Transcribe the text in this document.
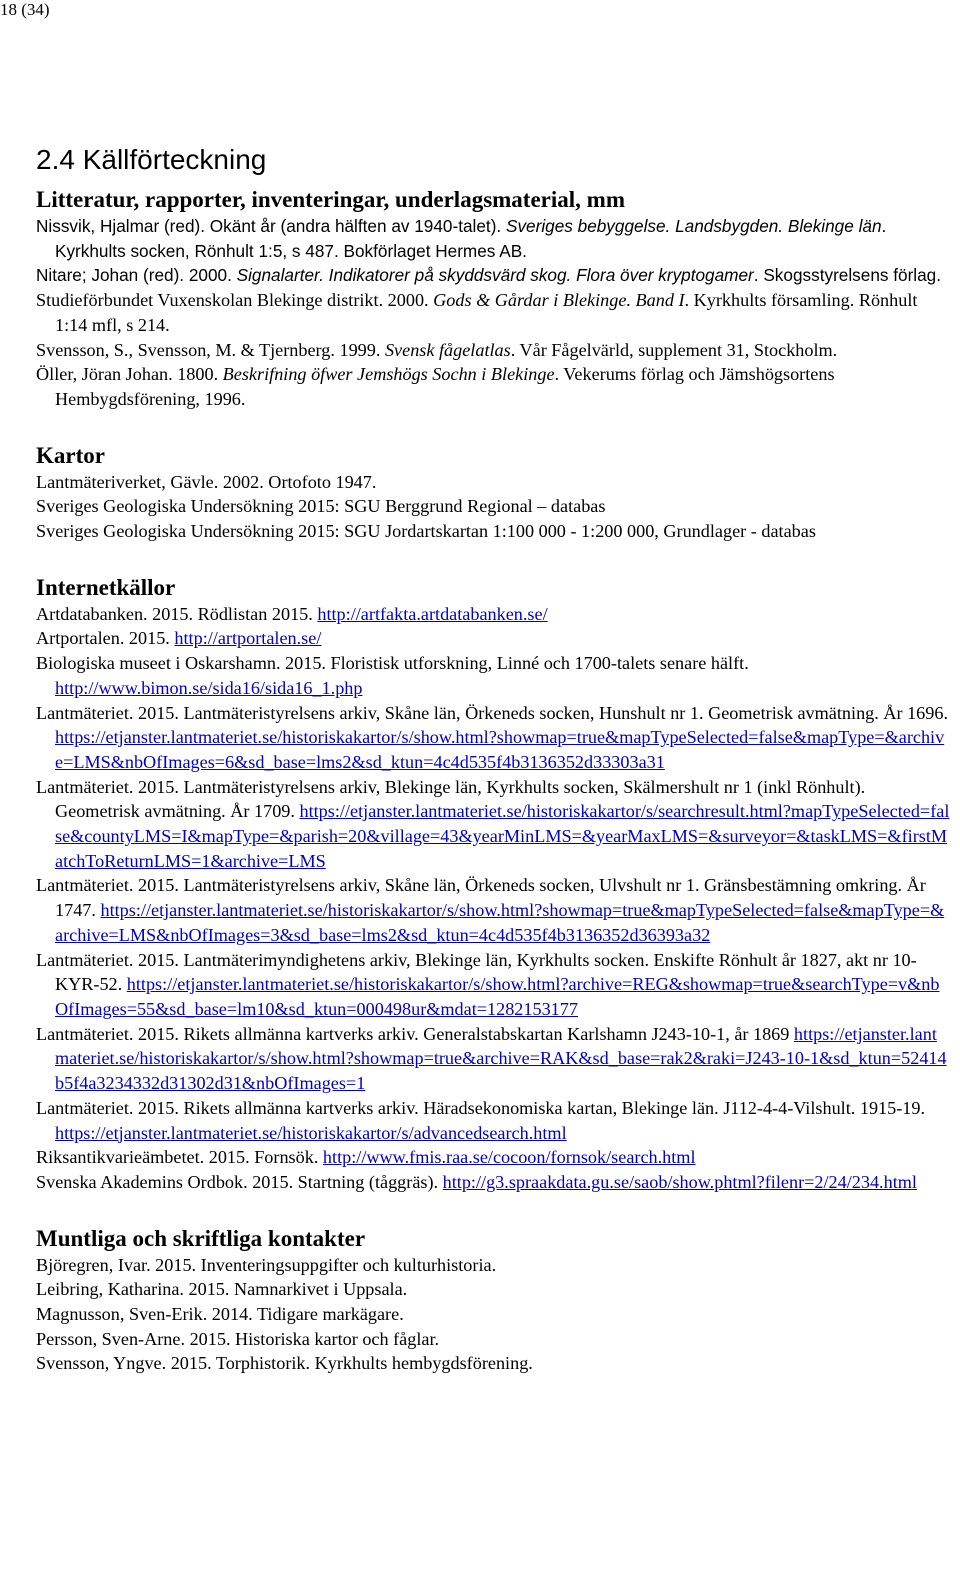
18 (34)
2.4 Källförteckning
Litteratur, rapporter, inventeringar, underlagsmaterial, mm

Nissvik, Hjalmar (red). Okänt år (andra hälften av 1940-talet). Sveriges bebyggelse. Landsbygden. Blekinge län. Kyrkhults socken, Rönhult 1:5, s 487. Bokförlaget Hermes AB.

Nitare; Johan (red). 2000. Signalarter. Indikatorer på skyddsvärd skog. Flora över kryptogamer. Skogsstyrelsens förlag.

Studieförbundet Vuxenskolan Blekinge distrikt. 2000. Gods & Gårdar i Blekinge. Band I. Kyrkhults församling. Rönhult 1:14 mfl, s 214.

Svensson, S., Svensson, M. & Tjernberg. 1999. Svensk fågelatlas. Vår Fågelvärld, supplement 31, Stockholm.

Öller, Jöran Johan. 1800. Beskrifning öfwer Jemshögs Sochn i Blekinge. Vekerums förlag och Jämshögsortens Hembygdsförening, 1996.

Kartor

Lantmäteriverket, Gävle. 2002. Ortofoto 1947.

Sveriges Geologiska Undersökning 2015: SGU Berggrund Regional – databas

Sveriges Geologiska Undersökning 2015: SGU Jordartskartan 1:100 000 - 1:200 000, Grundlager - databas

Internetkällor

Artdatabanken. 2015. Rödlistan 2015. http://artfakta.artdatabanken.se/

Artportalen. 2015. http://artportalen.se/

Biologiska museet i Oskarshamn. 2015. Floristisk utforskning, Linné och 1700-talets senare hälft. http://www.bimon.se/sida16/sida16_1.php

Lantmäteriet. 2015. Lantmäteristyrelsens arkiv, Skåne län, Örkeneds socken, Hunshult nr 1. Geometrisk avmätning. År 1696. https://etjanster.lantmateriet.se/historiskakartor/s/show.html?showmap=true&mapTypeSelected=false&mapType=&archive=LMS&nbOfImages=6&sd_base=lms2&sd_ktun=4c4d535f4b3136352d33303a31

Lantmäteriet. 2015. Lantmäteristyrelsens arkiv, Blekinge län, Kyrkhults socken, Skälmershult nr 1 (inkl Rönhult). Geometrisk avmätning. År 1709. https://etjanster.lantmateriet.se/historiskakartor/s/searchresult.html?mapTypeSelected=false&countyLMS=I&mapType=&parish=20&village=43&yearMinLMS=&yearMaxLMS=&surveyor=&taskLMS=&firstMatchToReturnLMS=1&archive=LMS

Lantmäteriet. 2015. Lantmäteristyrelsens arkiv, Skåne län, Örkeneds socken, Ulvshult nr 1. Gränsbestämning omkring. År 1747. https://etjanster.lantmateriet.se/historiskakartor/s/show.html?showmap=true&mapTypeSelected=false&mapType=&archive=LMS&nbOfImages=3&sd_base=lms2&sd_ktun=4c4d535f4b3136352d36393a32

Lantmäteriet. 2015. Lantmäterimyndighetens arkiv, Blekinge län, Kyrkhults socken. Enskifte Rönhult år 1827, akt nr 10-KYR-52. https://etjanster.lantmateriet.se/historiskakartor/s/show.html?archive=REG&showmap=true&searchType=v&nbOfImages=55&sd_base=lm10&sd_ktun=000498ur&mdat=1282153177

Lantmäteriet. 2015. Rikets allmänna kartverks arkiv. Generalstabskartan Karlshamn J243-10-1, år 1869 https://etjanster.lantmateriet.se/historiskakartor/s/show.html?showmap=true&archive=RAK&sd_base=rak2&raki=J243-10-1&sd_ktun=52414b5f4a3234332d31302d31&nbOfImages=1

Lantmäteriet. 2015. Rikets allmänna kartverks arkiv. Häradsekonomiska kartan, Blekinge län. J112-4-4-Vilshult. 1915-19. https://etjanster.lantmateriet.se/historiskakartor/s/advancedsearch.html

Riksantikvarieämbetet. 2015. Fornsök. http://www.fmis.raa.se/cocoon/fornsok/search.html

Svenska Akademins Ordbok. 2015. Startning (tåggräs). http://g3.spraakdata.gu.se/saob/show.phtml?filenr=2/24/234.html

Muntliga och skriftliga kontakter

Björegren, Ivar. 2015. Inventeringsuppgifter och kulturhistoria.

Leibring, Katharina. 2015. Namnarkivet i Uppsala.

Magnusson, Sven-Erik. 2014. Tidigare markägare.

Persson, Sven-Arne. 2015. Historiska kartor och fåglar.

Svensson, Yngve. 2015. Torphistorik. Kyrkhults hembygdsförening.
